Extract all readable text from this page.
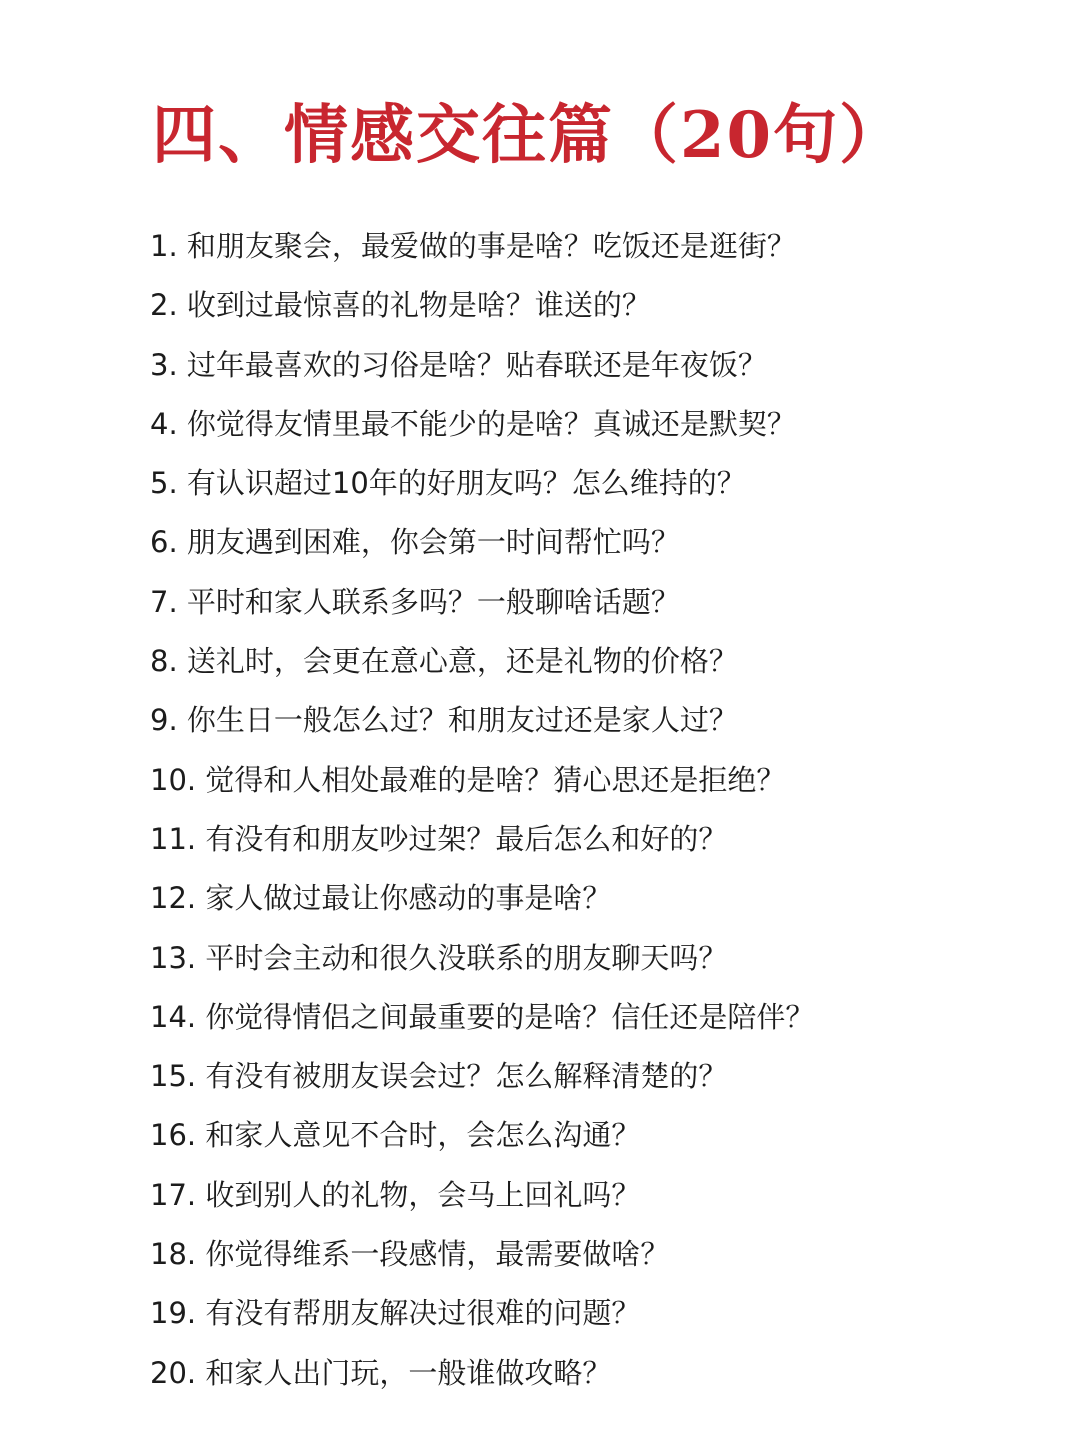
四、情感交往篇（20句）
1. 和朋友聚会，最爱做的事是啥？吃饭还是逛街？
2. 收到过最惊喜的礼物是啥？谁送的？
3. 过年最喜欢的习俗是啥？贴春联还是年夜饭？
4. 你觉得友情里最不能少的是啥？真诚还是默契？
5. 有认识超过10年的好朋友吗？怎么维持的？
6. 朋友遇到困难，你会第一时间帮忙吗？
7. 平时和家人联系多吗？一般聊啥话题？
8. 送礼时，会更在意心意，还是礼物的价格？
9. 你生日一般怎么过？和朋友过还是家人过？
10. 觉得和人相处最难的是啥？猜心思还是拒绝？
11. 有没有和朋友吵过架？最后怎么和好的？
12. 家人做过最让你感动的事是啥？
13. 平时会主动和很久没联系的朋友聊天吗？
14. 你觉得情侣之间最重要的是啥？信任还是陪伴？
15. 有没有被朋友误会过？怎么解释清楚的？
16. 和家人意见不合时，会怎么沟通？
17. 收到别人的礼物，会马上回礼吗？
18. 你觉得维系一段感情，最需要做啥？
19. 有没有帮朋友解决过很难的问题？
20. 和家人出门玩，一般谁做攻略？
